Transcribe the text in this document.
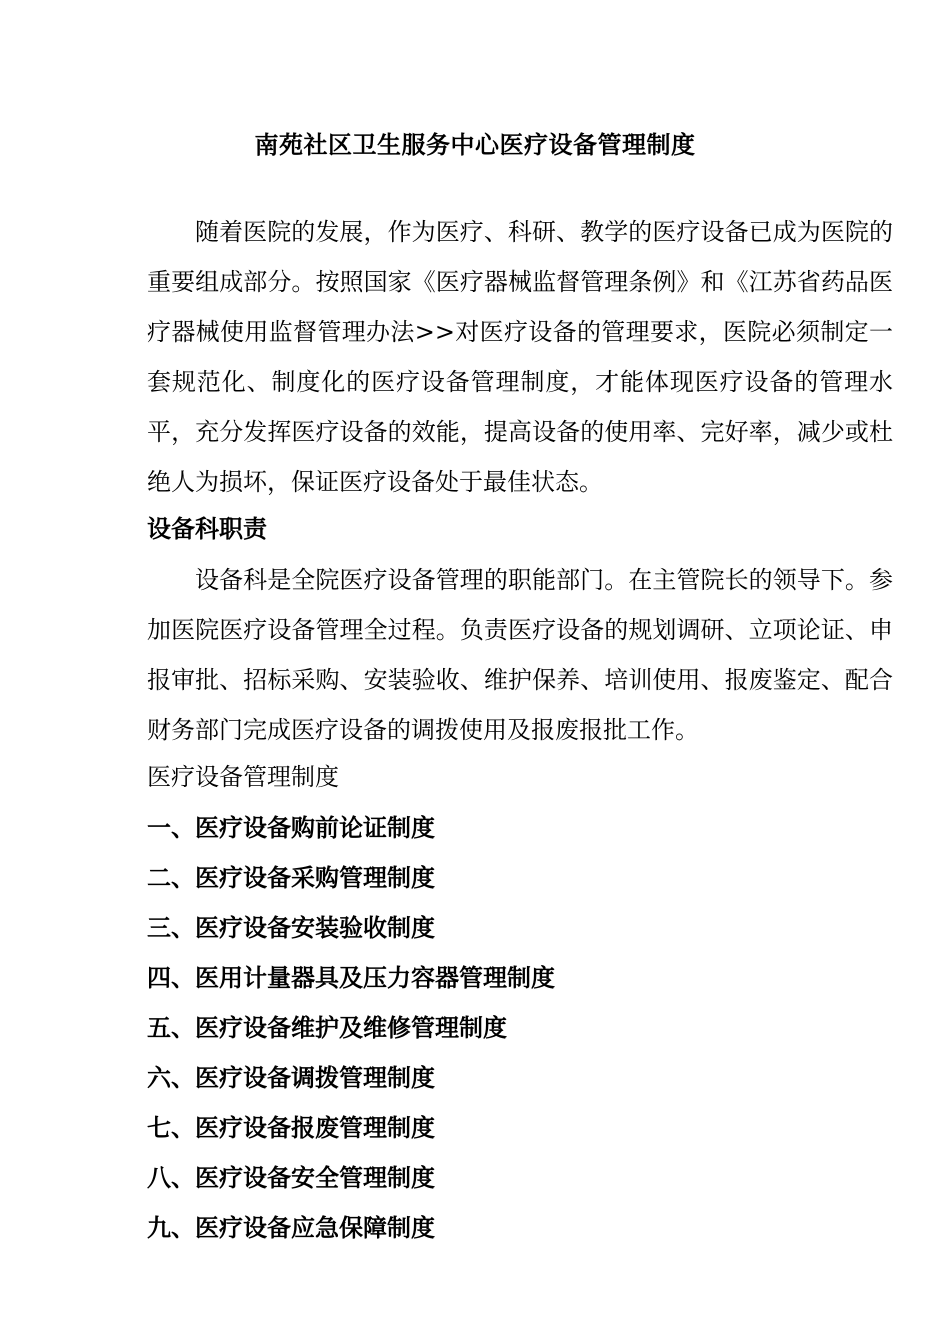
南苑社区卫生服务中心医疗设备管理制度

随着医院的发展，作为医疗、科研、教学的医疗设备已成为医院的重要组成部分。按照国家《医疗器械监督管理条例》和《江苏省药品医疗器械使用监督管理办法>>对医疗设备的管理要求，医院必须制定一套规范化、制度化的医疗设备管理制度，才能体现医疗设备的管理水平，充分发挥医疗设备的效能，提高设备的使用率、完好率，减少或杜绝人为损坏，保证医疗设备处于最佳状态。

设备科职责

设备科是全院医疗设备管理的职能部门。在主管院长的领导下。参加医院医疗设备管理全过程。负责医疗设备的规划调研、立项论证、申报审批、招标采购、安装验收、维护保养、培训使用、报废鉴定、配合财务部门完成医疗设备的调拨使用及报废报批工作。

医疗设备管理制度
一、医疗设备购前论证制度
二、医疗设备采购管理制度
三、医疗设备安装验收制度
四、医用计量器具及压力容器管理制度
五、医疗设备维护及维修管理制度
六、医疗设备调拨管理制度
七、医疗设备报废管理制度
八、医疗设备安全管理制度
九、医疗设备应急保障制度
